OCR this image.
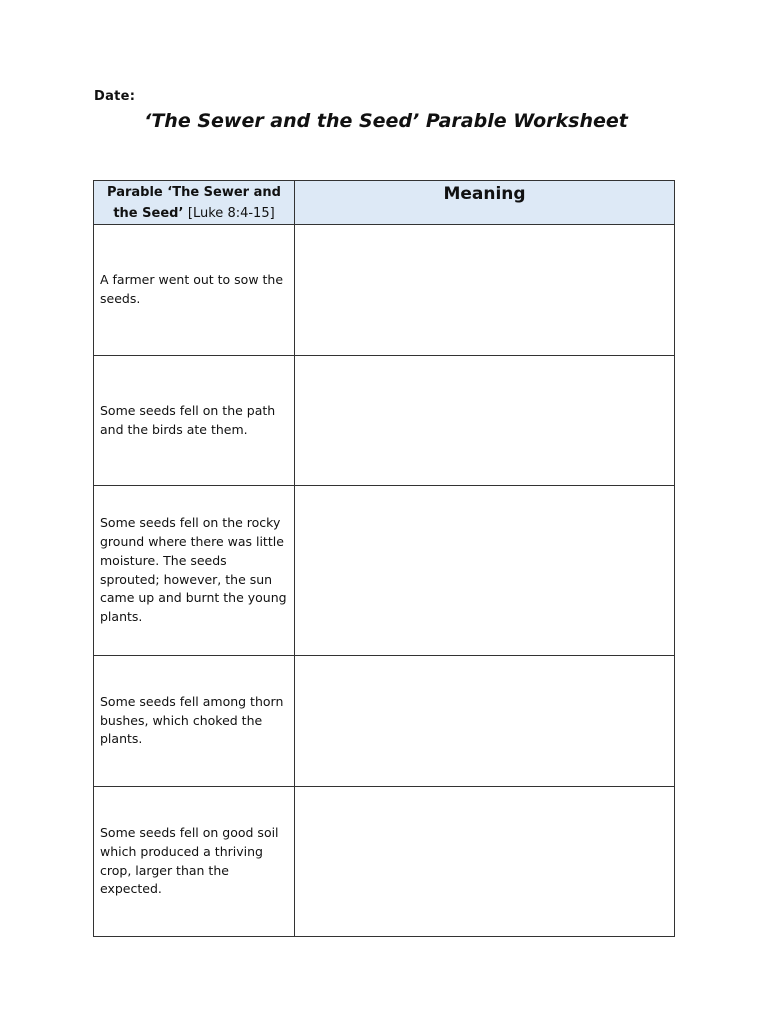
Date:
‘The Sewer and the Seed’ Parable Worksheet
Parable ‘The Sewer and the Seed’ [Luke 8:4-15]	Meaning
A farmer went out to sow the seeds.	
Some seeds fell on the path and the birds ate them.	
Some seeds fell on the rocky ground where there was little moisture. The seeds sprouted; however, the sun came up and burnt the young plants.	
Some seeds fell among thorn bushes, which choked the plants.	
Some seeds fell on good soil which produced a thriving crop, larger than the expected.	
